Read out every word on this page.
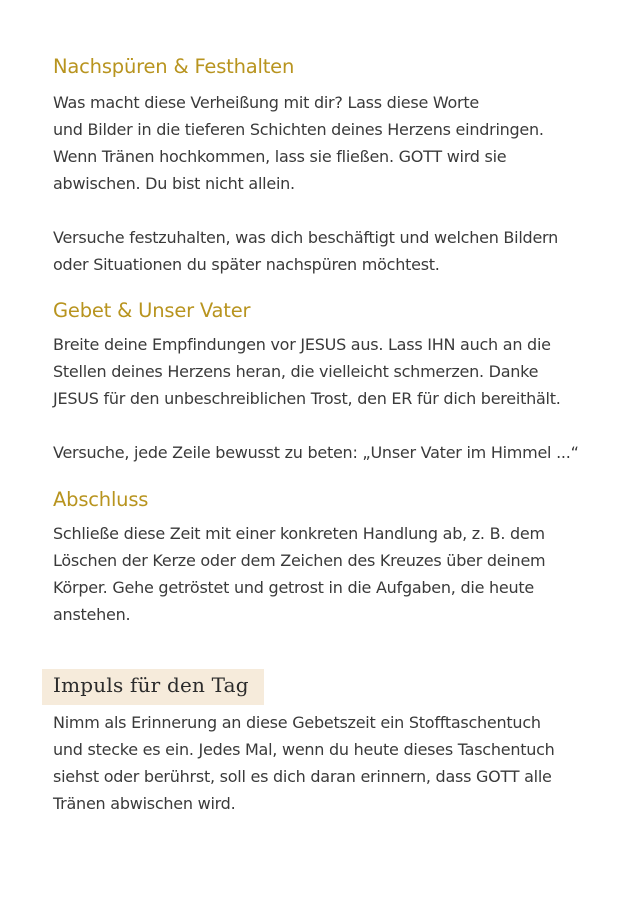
Nachspüren & Festhalten

Was macht diese Verheißung mit dir? Lass diese Worte
und Bilder in die tieferen Schichten deines Herzens eindringen.
Wenn Tränen hochkommen, lass sie fließen. GOTT wird sie
abwischen. Du bist nicht allein.

Versuche festzuhalten, was dich beschäftigt und welchen Bildern
oder Situationen du später nachspüren möchtest.

Gebet & Unser Vater

Breite deine Empfindungen vor JESUS aus. Lass IHN auch an die
Stellen deines Herzens heran, die vielleicht schmerzen. Danke
JESUS für den unbeschreiblichen Trost, den ER für dich bereithält.

Versuche, jede Zeile bewusst zu beten: „Unser Vater im Himmel ...“

Abschluss

Schließe diese Zeit mit einer konkreten Handlung ab, z. B. dem
Löschen der Kerze oder dem Zeichen des Kreuzes über deinem
Körper. Gehe getröstet und getrost in die Aufgaben, die heute
anstehen.

Impuls für den Tag

Nimm als Erinnerung an diese Gebetszeit ein Stofftaschentuch
und stecke es ein. Jedes Mal, wenn du heute dieses Taschentuch
siehst oder berührst, soll es dich daran erinnern, dass GOTT alle
Tränen abwischen wird.
